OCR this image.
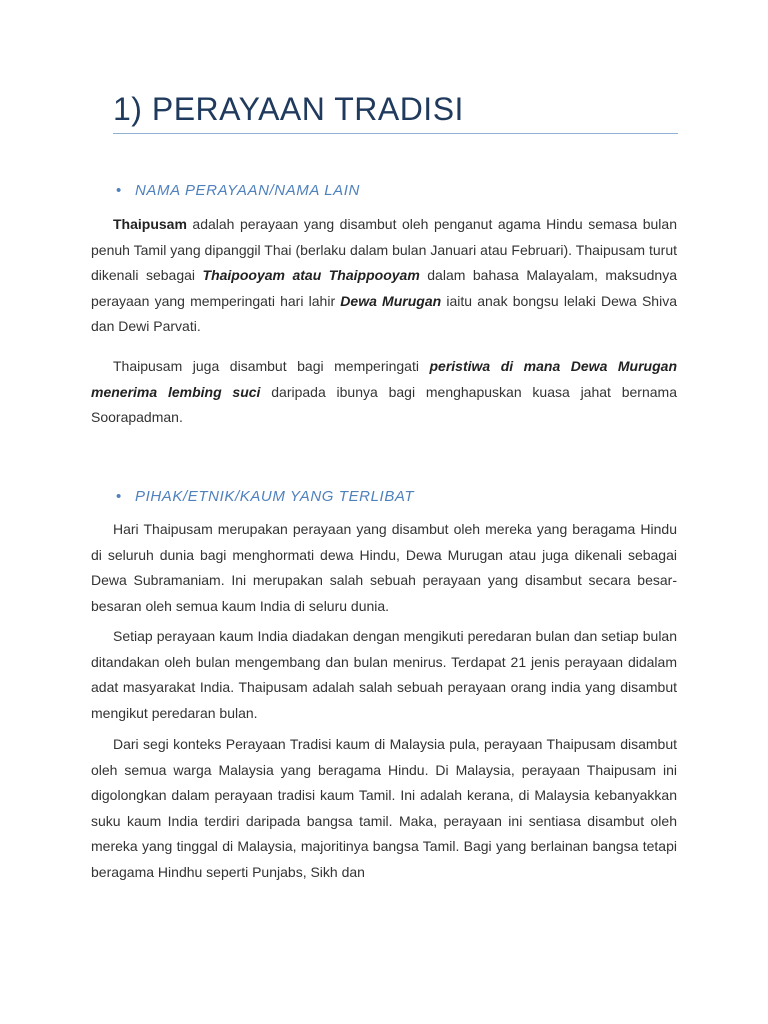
1) PERAYAAN TRADISI
• NAMA PERAYAAN/NAMA LAIN

Thaipusam adalah perayaan yang disambut oleh penganut agama Hindu semasa bulan penuh Tamil yang dipanggil Thai (berlaku dalam bulan Januari atau Februari). Thaipusam turut dikenali sebagai Thaipooyam atau Thaippooyam dalam bahasa Malayalam, maksudnya perayaan yang memperingati hari lahir Dewa Murugan iaitu anak bongsu lelaki Dewa Shiva dan Dewi Parvati.

Thaipusam juga disambut bagi memperingati peristiwa di mana Dewa Murugan menerima lembing suci daripada ibunya bagi menghapuskan kuasa jahat bernama Soorapadman.

• PIHAK/ETNIK/KAUM YANG TERLIBAT

Hari Thaipusam merupakan perayaan yang disambut oleh mereka yang beragama Hindu di seluruh dunia bagi menghormati dewa Hindu, Dewa Murugan atau juga dikenali sebagai Dewa Subramaniam. Ini merupakan salah sebuah perayaan yang disambut secara besar-besaran oleh semua kaum India di seluru dunia.

Setiap perayaan kaum India diadakan dengan mengikuti peredaran bulan dan setiap bulan ditandakan oleh bulan mengembang dan bulan menirus. Terdapat 21 jenis perayaan didalam adat masyarakat India. Thaipusam adalah salah sebuah perayaan orang india yang disambut mengikut peredaran bulan.

Dari segi konteks Perayaan Tradisi kaum di Malaysia pula, perayaan Thaipusam disambut oleh semua warga Malaysia yang beragama Hindu. Di Malaysia, perayaan Thaipusam ini digolongkan dalam perayaan tradisi kaum Tamil. Ini adalah kerana, di Malaysia kebanyakkan suku kaum India terdiri daripada bangsa tamil. Maka, perayaan ini sentiasa disambut oleh mereka yang tinggal di Malaysia, majoritinya bangsa Tamil. Bagi yang berlainan bangsa tetapi beragama Hindhu seperti Punjabs, Sikh dan
